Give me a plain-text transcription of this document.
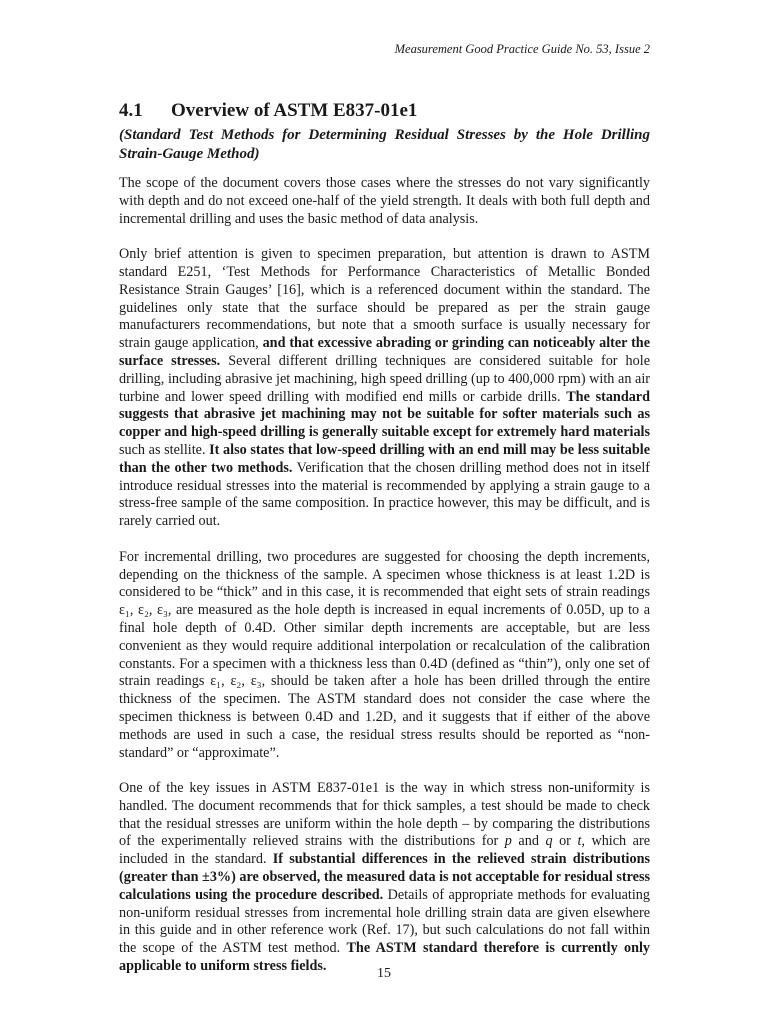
Measurement Good Practice Guide No. 53, Issue 2
4.1 Overview of ASTM E837-01e1

(Standard Test Methods for Determining Residual Stresses by the Hole Drilling Strain-Gauge Method)

The scope of the document covers those cases where the stresses do not vary significantly with depth and do not exceed one-half of the yield strength. It deals with both full depth and incremental drilling and uses the basic method of data analysis.

Only brief attention is given to specimen preparation, but attention is drawn to ASTM standard E251, ‘Test Methods for Performance Characteristics of Metallic Bonded Resistance Strain Gauges’ [16], which is a referenced document within the standard. The guidelines only state that the surface should be prepared as per the strain gauge manufacturers recommendations, but note that a smooth surface is usually necessary for strain gauge application, and that excessive abrading or grinding can noticeably alter the surface stresses. Several different drilling techniques are considered suitable for hole drilling, including abrasive jet machining, high speed drilling (up to 400,000 rpm) with an air turbine and lower speed drilling with modified end mills or carbide drills. The standard suggests that abrasive jet machining may not be suitable for softer materials such as copper and high-speed drilling is generally suitable except for extremely hard materials such as stellite. It also states that low-speed drilling with an end mill may be less suitable than the other two methods. Verification that the chosen drilling method does not in itself introduce residual stresses into the material is recommended by applying a strain gauge to a stress-free sample of the same composition. In practice however, this may be difficult, and is rarely carried out.

For incremental drilling, two procedures are suggested for choosing the depth increments, depending on the thickness of the sample. A specimen whose thickness is at least 1.2D is considered to be “thick” and in this case, it is recommended that eight sets of strain readings ε₁, ε₂, ε₃, are measured as the hole depth is increased in equal increments of 0.05D, up to a final hole depth of 0.4D. Other similar depth increments are acceptable, but are less convenient as they would require additional interpolation or recalculation of the calibration constants. For a specimen with a thickness less than 0.4D (defined as “thin”), only one set of strain readings ε₁, ε₂, ε₃, should be taken after a hole has been drilled through the entire thickness of the specimen. The ASTM standard does not consider the case where the specimen thickness is between 0.4D and 1.2D, and it suggests that if either of the above methods are used in such a case, the residual stress results should be reported as “non-standard” or “approximate”.

One of the key issues in ASTM E837-01e1 is the way in which stress non-uniformity is handled. The document recommends that for thick samples, a test should be made to check that the residual stresses are uniform within the hole depth – by comparing the distributions of the experimentally relieved strains with the distributions for p and q or t, which are included in the standard. If substantial differences in the relieved strain distributions (greater than ±3%) are observed, the measured data is not acceptable for residual stress calculations using the procedure described. Details of appropriate methods for evaluating non-uniform residual stresses from incremental hole drilling strain data are given elsewhere in this guide and in other reference work (Ref. 17), but such calculations do not fall within the scope of the ASTM test method. The ASTM standard therefore is currently only applicable to uniform stress fields.	15
